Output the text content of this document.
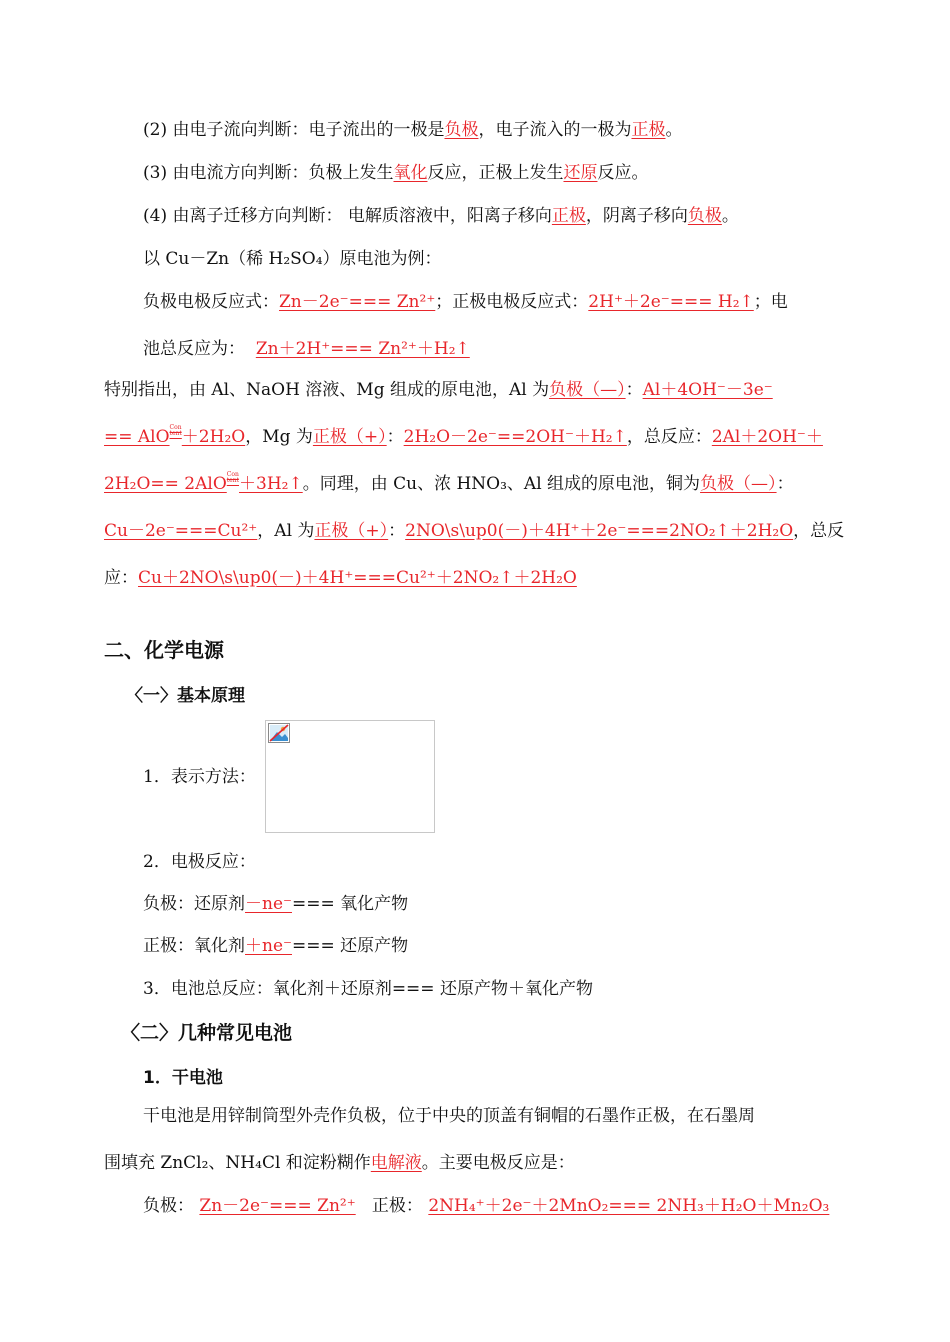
(2) 由电子流向判断：电子流出的一极是负极，电子流入的一极为正极。
(3) 由电流方向判断：负极上发生氧化反应，正极上发生还原反应。
(4) 由离子迁移方向判断： 电解质溶液中，阳离子移向正极，阴离子移向负极。
以 Cu－Zn（稀 H₂SO₄）原电池为例：
负极电极反应式：Zn－2e⁻=== Zn²⁺；正极电极反应式：2H⁺＋2e⁻=== H₂↑；电
池总反应为： Zn＋2H⁺=== Zn²⁺＋H₂↑
特别指出，由 Al、NaOH 溶液、Mg 组成的原电池，Al 为负极（—）：Al＋4OH⁻－3e⁻
== AlOCon
tent＋2H₂O，Mg 为正极（+）：2H₂O－2e⁻==2OH⁻＋H₂↑，总反应：2Al＋2OH⁻＋
2H₂O== 2AlOCon
tent＋3H₂↑。同理，由 Cu、浓 HNO₃、Al 组成的原电池，铜为负极（—）：
Cu－2e⁻===Cu²⁺，Al 为正极（+）：2NO\s\up0(－)＋4H⁺＋2e⁻===2NO₂↑＋2H₂O，总反
应：Cu＋2NO\s\up0(－)＋4H⁺===Cu²⁺＋2NO₂↑＋2H₂O
二、化学电源
〈一〉基本原理
1．表示方法：
2．电极反应：
负极：还原剂－ne⁻=== 氧化产物
正极：氧化剂＋ne⁻=== 还原产物
3．电池总反应：氧化剂＋还原剂=== 还原产物＋氧化产物
〈二〉几种常见电池
1．干电池
干电池是用锌制筒型外壳作负极，位于中央的顶盖有铜帽的石墨作正极，在石墨周
围填充 ZnCl₂、NH₄Cl 和淀粉糊作电解液。主要电极反应是：
负极： Zn－2e⁻=== Zn²⁺ 正极： 2NH₄⁺＋2e⁻＋2MnO₂=== 2NH₃＋H₂O＋Mn₂O₃
